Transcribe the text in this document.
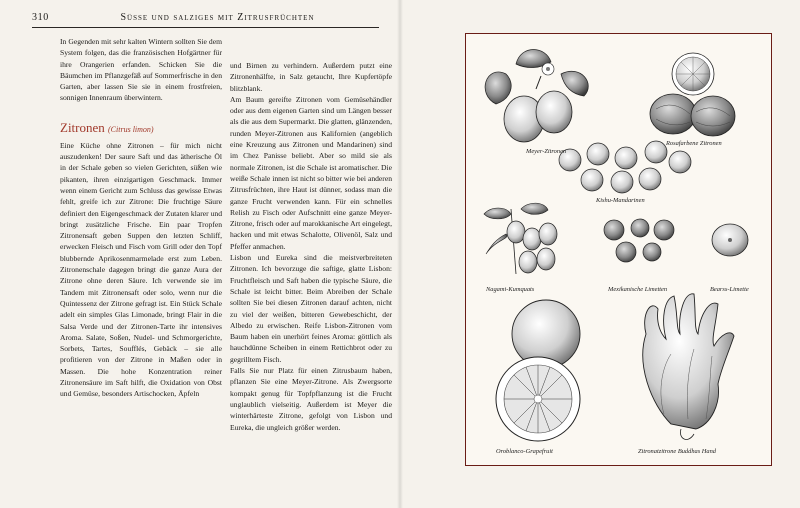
310	Süsse und salziges mit Zitrusfrüchten

In Gegenden mit sehr kalten Wintern sollten Sie dem System folgen, das die französischen Hofgärtner für ihre Orangerien erfanden. Schicken Sie die Bäumchen im Pflanzgefäß auf Sommerfrische in den Garten, aber lassen Sie sie in einem frostfreien, sonnigen Innenraum überwintern.

Zitronen (Citrus limon)

Eine Küche ohne Zitronen – für mich nicht auszudenken! Der saure Saft und das ätherische Öl in der Schale geben so vielen Gerichten, süßen wie pikanten, ihren einzigartigen Geschmack. Immer wenn einem Gericht zum Schluss das gewisse Etwas fehlt, greife ich zur Zitrone: Die fruchtige Säure definiert den Eigengeschmack der Zutaten klarer und bringt zusätzliche Frische. Ein paar Tropfen Zitronensaft geben Suppen den letzten Schliff, erwecken Fleisch und Fisch vom Grill oder den Topf blubbernde Aprikosenmarmelade erst zum Leben. Zitronenschale dagegen bringt die ganze Aura der Zitrone ohne deren Säure. Ich verwende sie im Tandem mit Zitronensaft oder solo, wenn nur die Quintessenz der Zitrone gefragt ist. Ein Stück Schale adelt ein simples Glas Limonade, bringt Flair in die Salsa Verde und der Zitronen-Tarte ihr intensives Aroma. Salate, Soßen, Nudel- und Schmorgerichte, Sorbets, Tartes, Soufflés, Gebäck – sie alle profitieren von der Zitrone in Maßen oder in Massen. Die hohe Konzentration reiner Zitronensäure im Saft hilft, die Oxidation von Obst und Gemüse, besonders Artischocken, Äpfeln

und Birnen zu verhindern. Außerdem putzt eine Zitronenhälfte, in Salz getaucht, Ihre Kupfertöpfe blitzblank.

Am Baum gereifte Zitronen vom Gemüsehändler oder aus dem eigenen Garten sind um Längen besser als die aus dem Supermarkt. Die glatten, glänzenden, runden Meyer-Zitronen aus Kalifornien (angeblich eine Kreuzung aus Zitronen und Mandarinen) sind im Chez Panisse beliebt. Aber so mild sie als normale Zitronen, ist die Schale ist aromatischer. Die weiße Schale innen ist nicht so bitter wie bei anderen Zitrusfrüchten, ihre Haut ist dünner, sodass man die ganze Frucht verwenden kann. Für ein schnelles Relish zu Fisch oder Aufschnitt eine ganze Meyer-Zitrone, frisch oder auf marokkanische Art eingelegt, hacken und mit etwas Schalotte, Olivenöl, Salz und Pfeffer anmachen.

Lisbon und Eureka sind die meistverbreiteten Zitronen. Ich bevorzuge die saftige, glatte Lisbon: Fruchtfleisch und Saft haben die typische Säure, die Schale ist leicht bitter. Beim Abreiben der Schale sollten Sie bei diesen Zitronen darauf achten, nicht zu viel der weißen, bitteren Gewebeschicht, der Albedo zu erwischen. Reife Lisbon-Zitronen vom Baum haben ein unerhört feines Aroma: göttlich als hauchdünne Scheiben in einem Rettichbrot oder zu gegrilltem Fisch.

Falls Sie nur Platz für einen Zitrusbaum haben, pflanzen Sie eine Meyer-Zitrone. Als Zwergsorte kompakt genug für Topfpflanzung ist die Frucht unglaublich vielseitig. Außerdem ist Meyer die winterhärteste Zitrone, gefolgt von Lisbon und Eureka, die ungleich größer werden.

Meyer-Zitronen
Rosafarbene Zitronen
Kishu-Mandarinen
Nagami-Kumquats	Mexikanische Limetten	Bearss-Limette
Oroblanco-Grapefruit	Zitronatzitrone Buddhas Hand
